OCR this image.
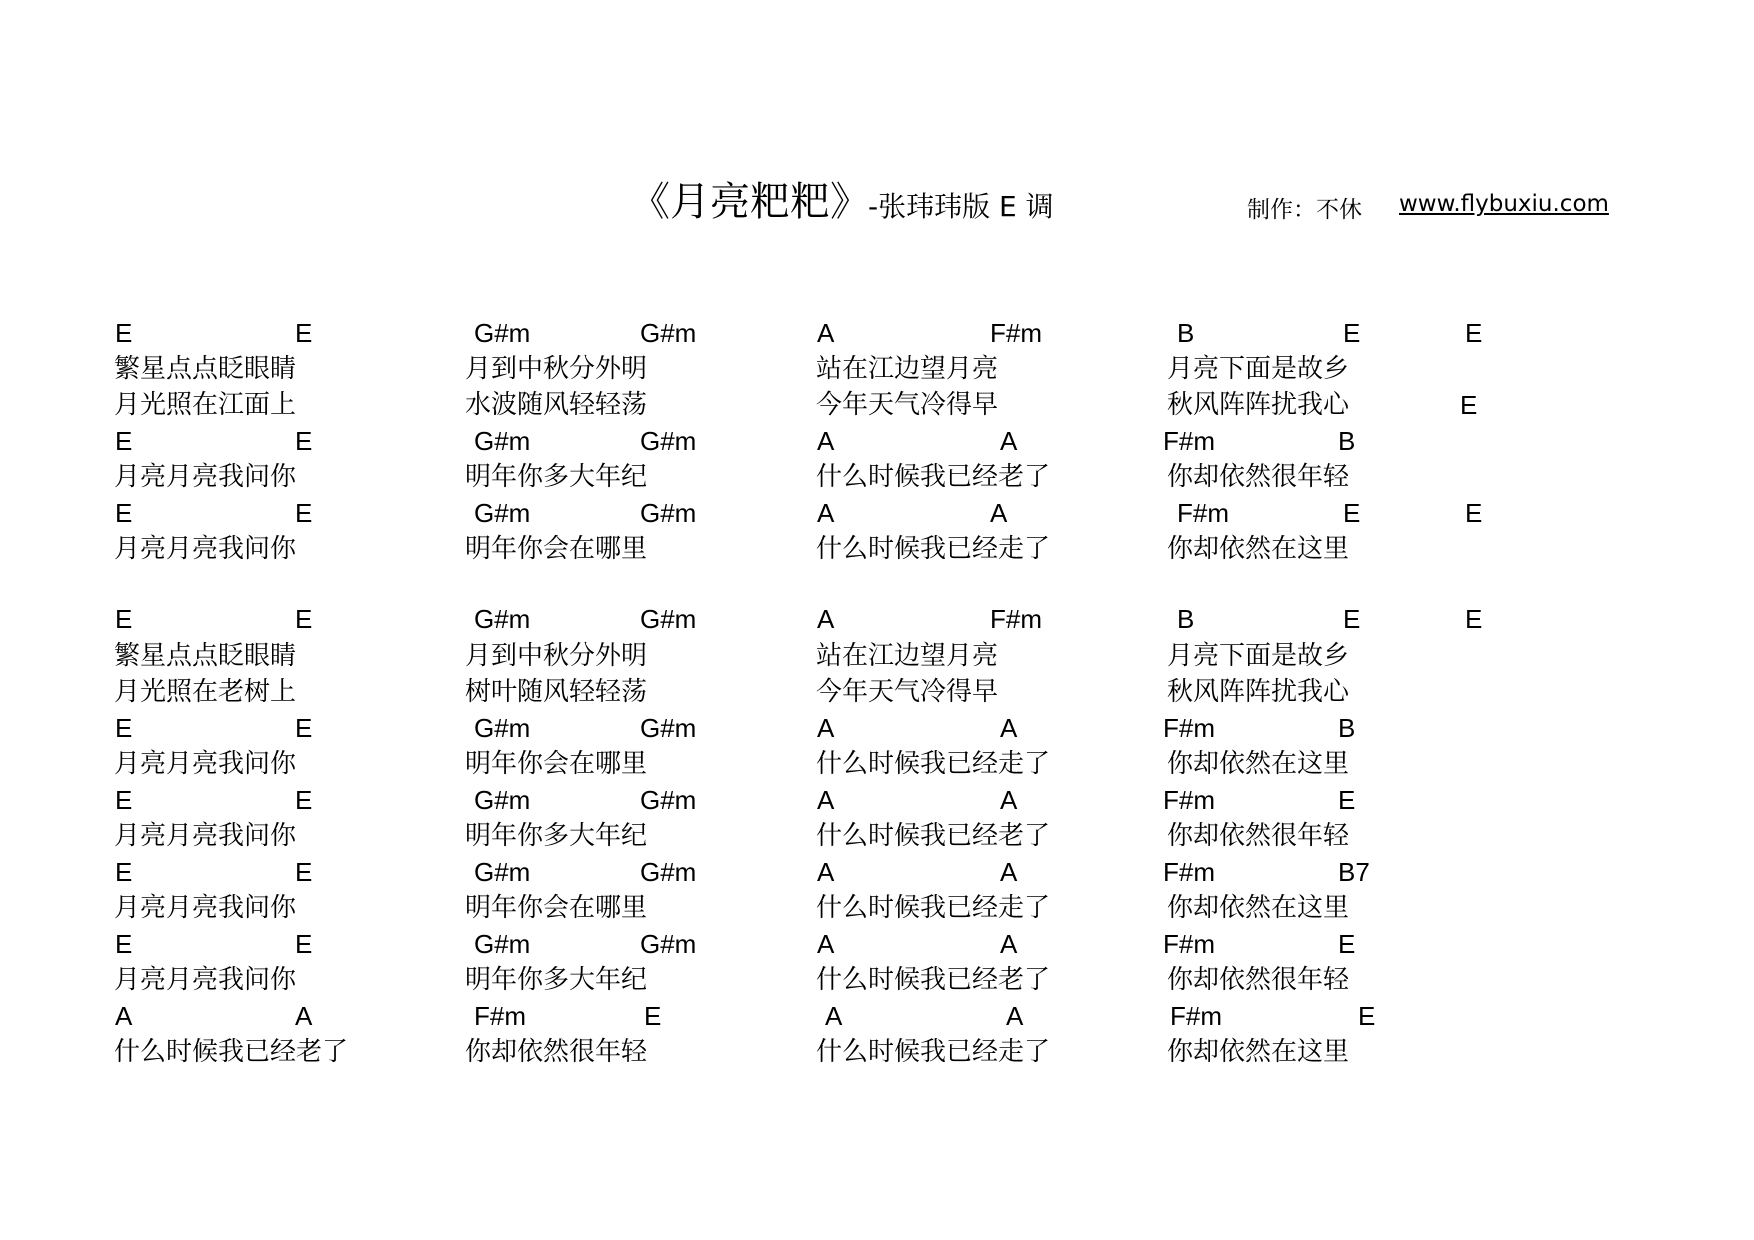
《月亮粑粑》
-张玮玮版 E 调	制作：不休 www.flybuxiu.com
E	E	G#m	G#m	A	F#m	B	E	E
繁星点点眨眼睛	月到中秋分外明	站在江边望月亮	月亮下面是故乡
月光照在江面上	水波随风轻轻荡	今年天气冷得早	秋风阵阵扰我心	E
E	E	G#m	G#m	A	A	F#m	B
月亮月亮我问你	明年你多大年纪	什么时候我已经老了	你却依然很年轻
E	E	G#m	G#m	A	A	F#m	E	E
月亮月亮我问你	明年你会在哪里	什么时候我已经走了	你却依然在这里
E	E	G#m	G#m	A	F#m	B	E	E
繁星点点眨眼睛	月到中秋分外明	站在江边望月亮	月亮下面是故乡
月光照在老树上	树叶随风轻轻荡	今年天气冷得早	秋风阵阵扰我心
E	E	G#m	G#m	A	A	F#m	B
月亮月亮我问你	明年你会在哪里	什么时候我已经走了	你却依然在这里
E	E	G#m	G#m	A	A	F#m	E
月亮月亮我问你	明年你多大年纪	什么时候我已经老了	你却依然很年轻
E	E	G#m	G#m	A	A	F#m	B7
月亮月亮我问你	明年你会在哪里	什么时候我已经走了	你却依然在这里
E	E	G#m	G#m	A	A	F#m	E
月亮月亮我问你	明年你多大年纪	什么时候我已经老了	你却依然很年轻
A	A	F#m	E	A	A	F#m	E
什么时候我已经老了	你却依然很年轻	什么时候我已经走了	你却依然在这里
